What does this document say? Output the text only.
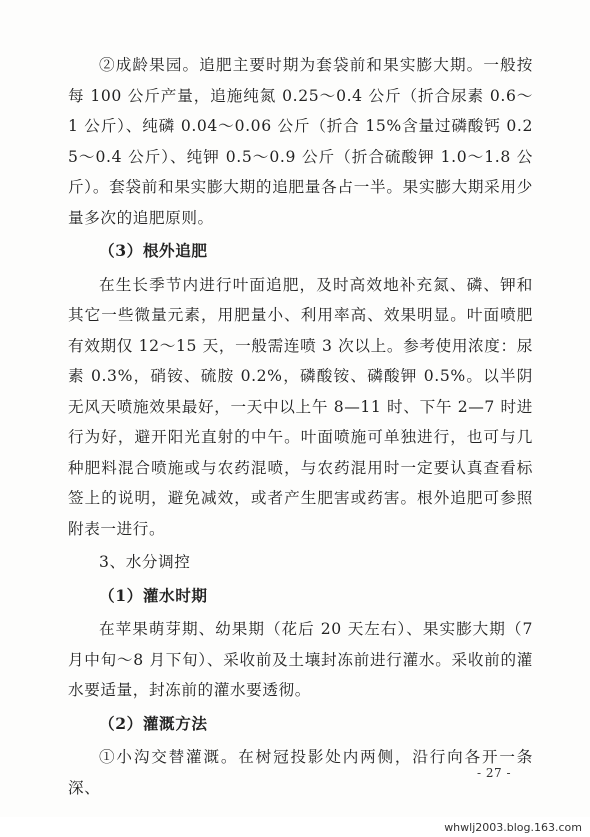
②成龄果园。追肥主要时期为套袋前和果实膨大期。一般按每 100 公斤产量，追施纯氮 0.25～0.4 公斤（折合尿素 0.6～1 公斤）、纯磷 0.04～0.06 公斤（折合 15%含量过磷酸钙 0.25～0.4 公斤）、纯钾 0.5～0.9 公斤（折合硫酸钾 1.0～1.8 公斤）。套袋前和果实膨大期的追肥量各占一半。果实膨大期采用少量多次的追肥原则。

（3）根外追肥

在生长季节内进行叶面追肥，及时高效地补充氮、磷、钾和其它一些微量元素，用肥量小、利用率高、效果明显。叶面喷肥有效期仅 12～15 天，一般需连喷 3 次以上。参考使用浓度：尿素 0.3%，硝铵、硫胺 0.2%，磷酸铵、磷酸钾 0.5%。以半阴无风天喷施效果最好，一天中以上午 8—11 时、下午 2—7 时进行为好，避开阳光直射的中午。叶面喷施可单独进行，也可与几种肥料混合喷施或与农药混喷，与农药混用时一定要认真查看标签上的说明，避免减效，或者产生肥害或药害。根外追肥可参照附表一进行。

3、水分调控

（1）灌水时期

在苹果萌芽期、幼果期（花后 20 天左右）、果实膨大期（7 月中旬～8 月下旬）、采收前及土壤封冻前进行灌水。采收前的灌水要适量，封冻前的灌水要透彻。

（2）灌溉方法

①小沟交替灌溉。在树冠投影处内两侧，沿行向各开一条深、

- 27 -
whwlj2003.blog.163.com
